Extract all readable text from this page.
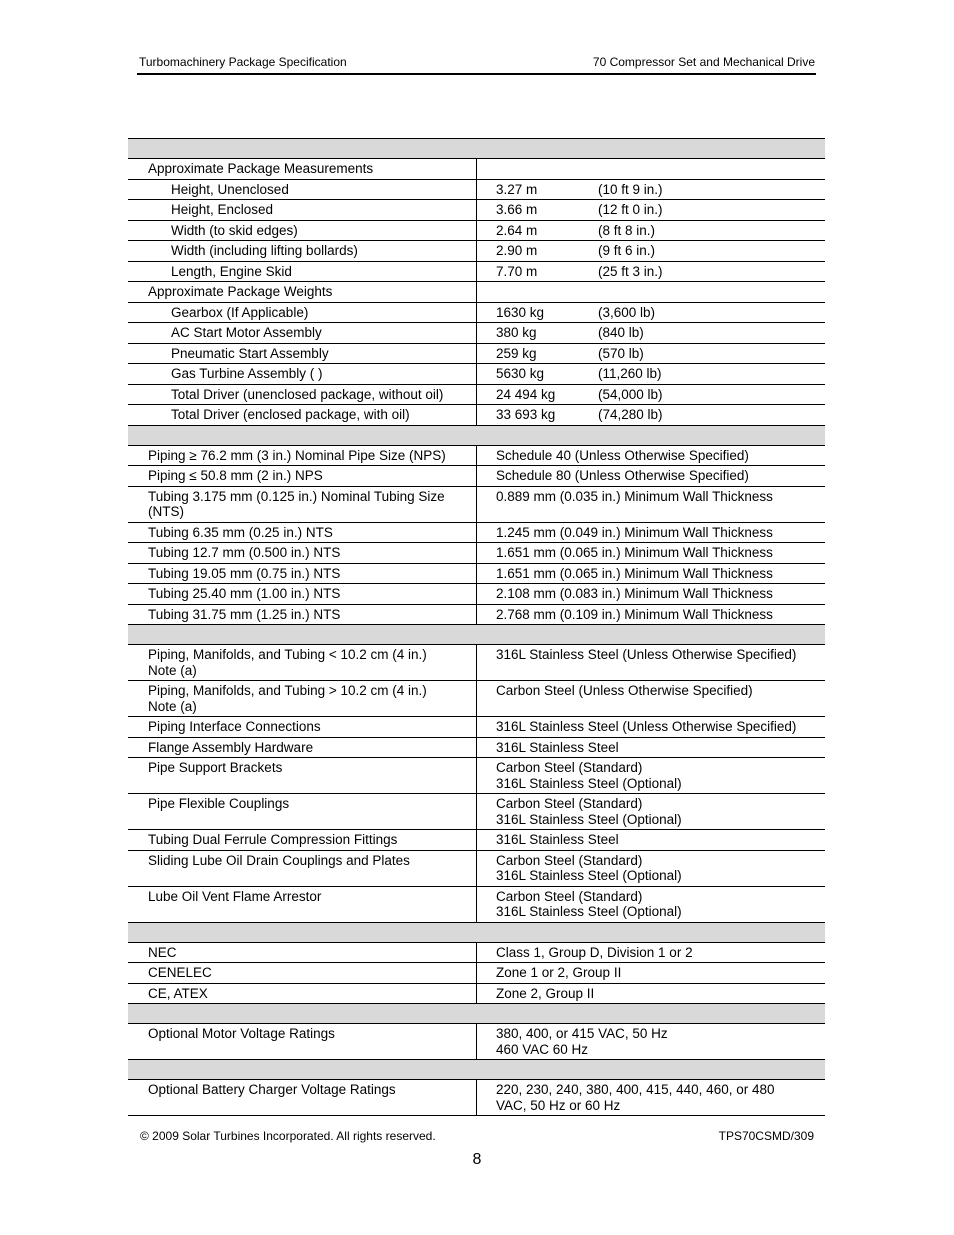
Turbomachinery Package Specification	70 Compressor Set and Mechanical Drive

Approximate Package Measurements	
Height, Unenclosed	3.27 m (10 ft 9 in.)
Height, Enclosed	3.66 m (12 ft 0 in.)
Width (to skid edges)	2.64 m (8 ft 8 in.)
Width (including lifting bollards)	2.90 m (9 ft 6 in.)
Length, Engine Skid	7.70 m (25 ft 3 in.)
Approximate Package Weights	
Gearbox (If Applicable)	1630 kg (3,600 lb)
AC Start Motor Assembly	380 kg (840 lb)
Pneumatic Start Assembly	259 kg (570 lb)
Gas Turbine Assembly ( )	5630 kg (11,260 lb)
Total Driver (unenclosed package, without oil)	24 494 kg (54,000 lb)
Total Driver (enclosed package, with oil)	33 693 kg (74,280 lb)

Piping ≥ 76.2 mm (3 in.) Nominal Pipe Size (NPS)	Schedule 40 (Unless Otherwise Specified)
Piping ≤ 50.8 mm (2 in.) NPS	Schedule 80 (Unless Otherwise Specified)
Tubing 3.175 mm (0.125 in.) Nominal Tubing Size (NTS)	0.889 mm (0.035 in.) Minimum Wall Thickness
Tubing 6.35 mm (0.25 in.) NTS	1.245 mm (0.049 in.) Minimum Wall Thickness
Tubing 12.7 mm (0.500 in.) NTS	1.651 mm (0.065 in.) Minimum Wall Thickness
Tubing 19.05 mm (0.75 in.) NTS	1.651 mm (0.065 in.) Minimum Wall Thickness
Tubing 25.40 mm (1.00 in.) NTS	2.108 mm (0.083 in.) Minimum Wall Thickness
Tubing 31.75 mm (1.25 in.) NTS	2.768 mm (0.109 in.) Minimum Wall Thickness

Piping, Manifolds, and Tubing < 10.2 cm (4 in.)
Note (a)	316L Stainless Steel (Unless Otherwise Specified)
Piping, Manifolds, and Tubing > 10.2 cm (4 in.)
Note (a)	Carbon Steel (Unless Otherwise Specified)
Piping Interface Connections	316L Stainless Steel (Unless Otherwise Specified)
Flange Assembly Hardware	316L Stainless Steel
Pipe Support Brackets	Carbon Steel (Standard)
316L Stainless Steel (Optional)
Pipe Flexible Couplings	Carbon Steel (Standard)
316L Stainless Steel (Optional)
Tubing Dual Ferrule Compression Fittings	316L Stainless Steel
Sliding Lube Oil Drain Couplings and Plates	Carbon Steel (Standard)
316L Stainless Steel (Optional)
Lube Oil Vent Flame Arrestor	Carbon Steel (Standard)
316L Stainless Steel (Optional)

NEC	Class 1, Group D, Division 1 or 2
CENELEC	Zone 1 or 2, Group II
CE, ATEX	Zone 2, Group II

Optional Motor Voltage Ratings	380, 400, or 415 VAC, 50 Hz
460 VAC 60 Hz

Optional Battery Charger Voltage Ratings	220, 230, 240, 380, 400, 415, 440, 460, or 480
VAC, 50 Hz or 60 Hz
© 2009 Solar Turbines Incorporated. All rights reserved.	TPS70CSMD/309
8
